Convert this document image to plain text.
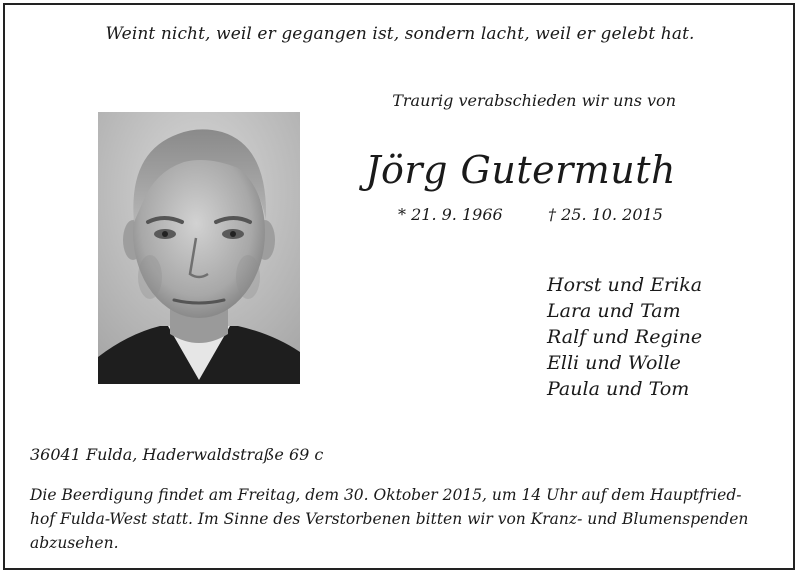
Weint nicht, weil er gegangen ist, sondern lacht, weil er gelebt hat.
Traurig verabschieden wir uns von
Jörg Gutermuth
* 21. 9. 1966	† 25. 10. 2015
Horst und Erika
Lara und Tam
Ralf und Regine
Elli und Wolle
Paula und Tom
36041 Fulda, Haderwaldstraße 69 c
Die Beerdigung findet am Freitag, dem 30. Oktober 2015, um 14 Uhr auf dem Hauptfried-
hof Fulda-West statt. Im Sinne des Verstorbenen bitten wir von Kranz- und Blumenspenden
abzusehen.
